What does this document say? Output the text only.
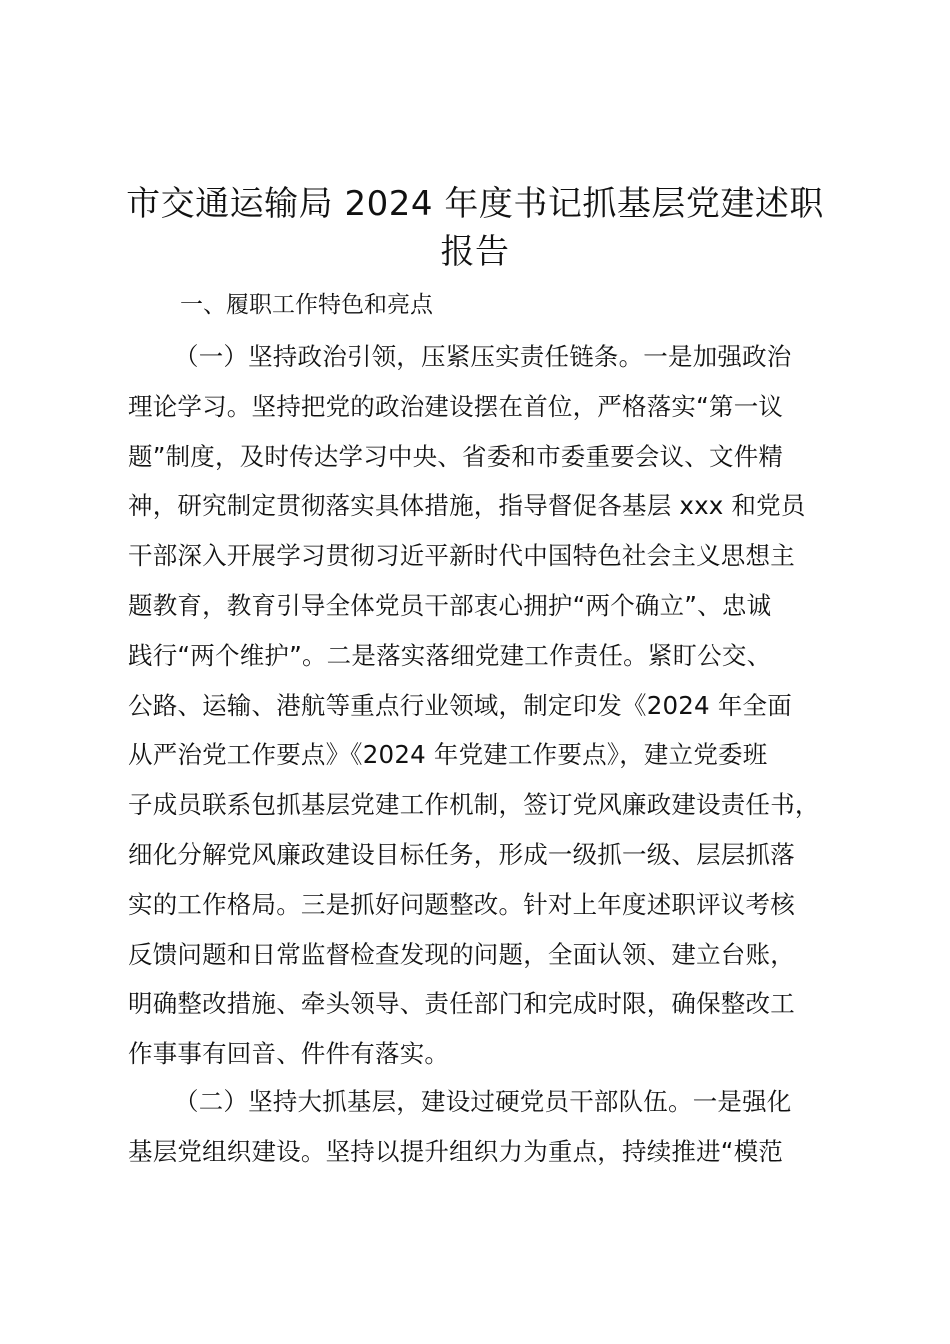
市交通运输局 2024 年度书记抓基层党建述职
报告
一、履职工作特色和亮点
（一）坚持政治引领，压紧压实责任链条。一是加强政治
理论学习。坚持把党的政治建设摆在首位，严格落实“第一议
题”制度，及时传达学习中央、省委和市委重要会议、文件精
神，研究制定贯彻落实具体措施，指导督促各基层 xxx 和党员
干部深入开展学习贯彻习近平新时代中国特色社会主义思想主
题教育，教育引导全体党员干部衷心拥护“两个确立”、忠诚
践行“两个维护”。二是落实落细党建工作责任。紧盯公交、
公路、运输、港航等重点行业领域，制定印发《2024 年全面
从严治党工作要点》《2024 年党建工作要点》，建立党委班
子成员联系包抓基层党建工作机制，签订党风廉政建设责任书，
细化分解党风廉政建设目标任务，形成一级抓一级、层层抓落
实的工作格局。三是抓好问题整改。针对上年度述职评议考核
反馈问题和日常监督检查发现的问题，全面认领、建立台账，
明确整改措施、牵头领导、责任部门和完成时限，确保整改工
作事事有回音、件件有落实。
（二）坚持大抓基层，建设过硬党员干部队伍。一是强化
基层党组织建设。坚持以提升组织力为重点，持续推进“模范
